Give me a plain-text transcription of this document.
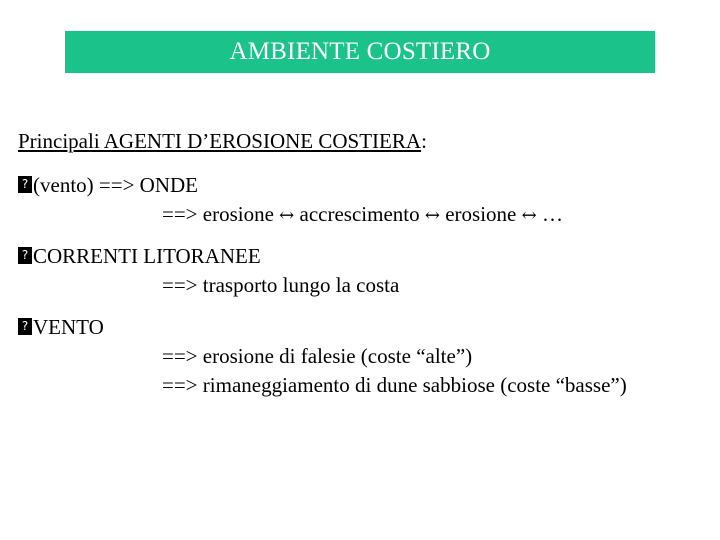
AMBIENTE COSTIERO
Principali AGENTI D’EROSIONE COSTIERA:
? (vento) ==> ONDE
==> erosione ↔ accrescimento ↔ erosione ↔ …
? CORRENTI LITORANEE
==> trasporto lungo la costa
? VENTO
==> erosione di falesie (coste “alte”)
==> rimaneggiamento di dune sabbiose (coste “basse”)
